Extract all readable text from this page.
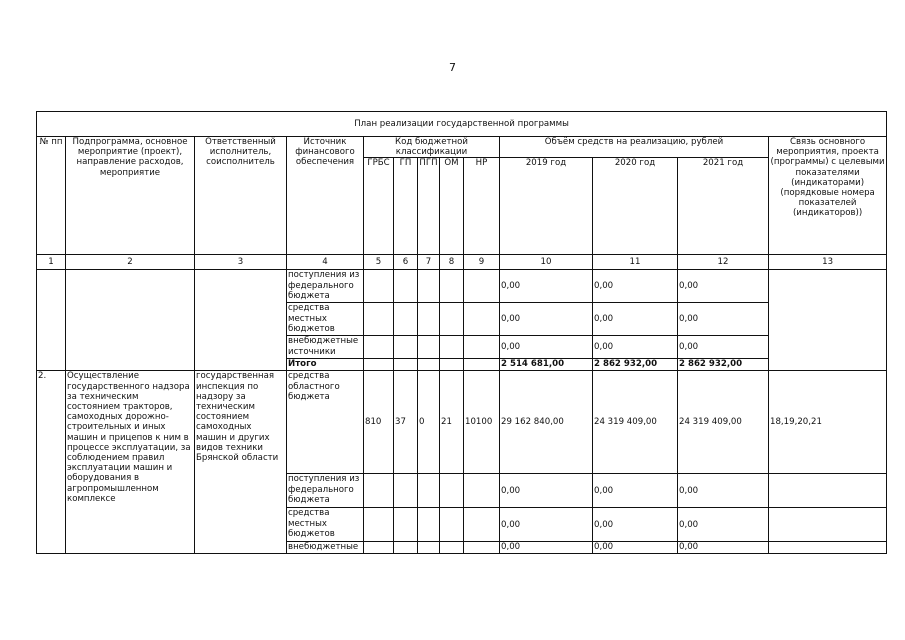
7
План реализации государственной программы												
№ пп	Подпрограмма, основное мероприятие (проект), направление расходов, мероприятие	Ответственный исполнитель, соисполнитель	Источник финансового обеспечения	Код бюджетной классификации					Объём средств на реализацию, рублей			Связь основного мероприятия, проекта (программы) с целевыми показателями (индикаторами) (порядковые номера показателей (индикаторов))
				ГРБС	ГП	ПГП	ОМ	НР	2019 год	2020 год	2021 год	
1	2	3	4	5	6	7	8	9	10	11	12	13
			поступления из федерального бюджета						0,00	0,00	0,00	
			средства местных бюджетов						0,00	0,00	0,00	
			внебюджетные источники						0,00	0,00	0,00	
			Итого						2 514 681,00	2 862 932,00	2 862 932,00	
2.	Осуществление государственного надзора за техническим состоянием тракторов, самоходных дорожно-строительных и иных машин и прицепов к ним в процессе эксплуатации, за соблюдением правил эксплуатации машин и оборудования в агропромышленном комплексе	государственная инспекция по надзору за техническим состоянием самоходных машин и других видов техники Брянской области	средства областного бюджета	810	37	0	21	10100	29 162 840,00	24 319 409,00	24 319 409,00	18,19,20,21
			поступления из федерального бюджета						0,00	0,00	0,00	
			средства местных бюджетов						0,00	0,00	0,00	
			внебюджетные						0,00	0,00	0,00	
